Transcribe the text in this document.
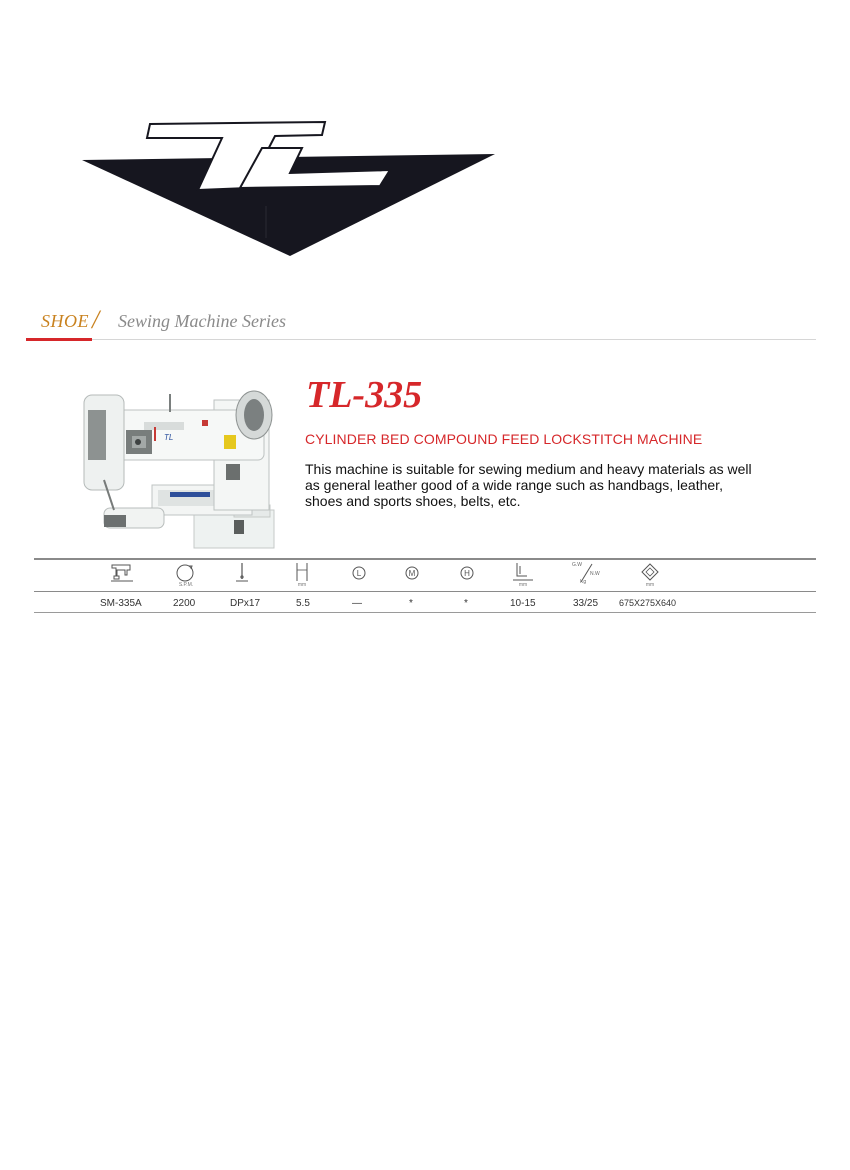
SHOE / Sewing Machine Series
TL
TL-335
CYLINDER BED COMPOUND FEED LOCKSTITCH MACHINE
This machine is suitable for sewing medium and heavy materials as well as general leather good of a wide range such as handbags, leather, shoes and sports shoes, belts, etc.
S.P.M.	mm
L	M	H
mm
G.W
N.W
Kg	mm
SM-335A	2200	DPx17	5.5	—	*	*	10-15	33/25 675X275X640
